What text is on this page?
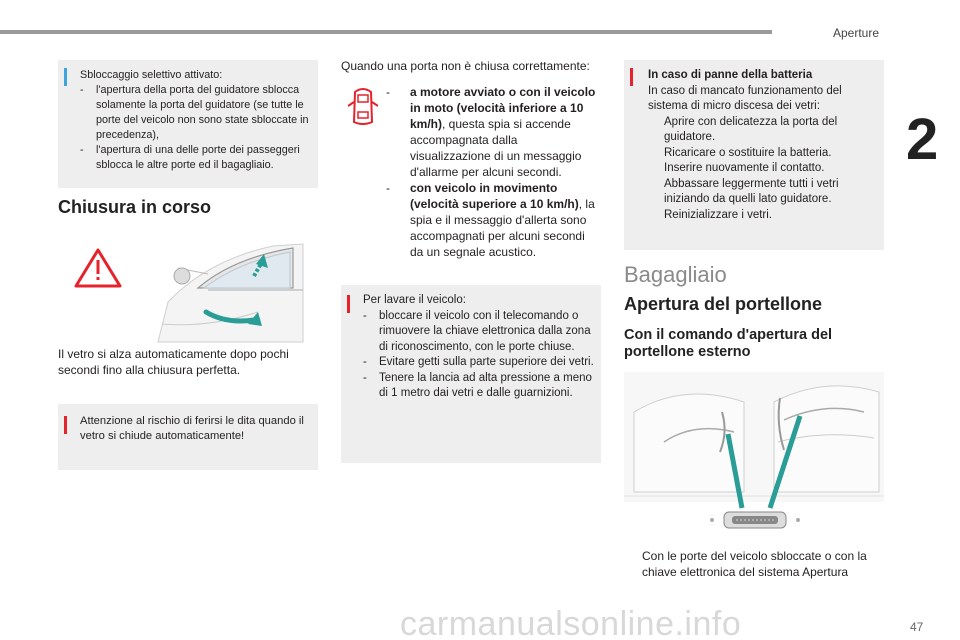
Aperture
2
carmanualsonline.info	47
Sbloccaggio selettivo attivato:
- l'apertura della porta del guidatore sblocca solamente la porta del guidatore (se tutte le porte del veicolo non sono state sbloccate in precedenza),
- l'apertura di una delle porte dei passeggeri sblocca le altre porte ed il bagagliaio.
Chiusura in corso
Il vetro si alza automaticamente dopo pochi secondi fino alla chiusura perfetta.
Attenzione al rischio di ferirsi le dita quando il vetro si chiude automaticamente!
Quando una porta non è chiusa correttamente:
- a motore avviato o con il veicolo in moto (velocità inferiore a 10 km/h), questa spia si accende accompagnata dalla visualizzazione di un messaggio d'allarme per alcuni secondi.
- con veicolo in movimento (velocità superiore a 10 km/h), la spia e il messaggio d'allerta sono accompagnati per alcuni secondi da un segnale acustico.
Per lavare il veicolo:
- bloccare il veicolo con il telecomando o rimuovere la chiave elettronica dalla zona di riconoscimento, con le porte chiuse.
- Evitare getti sulla parte superiore dei vetri.
- Tenere la lancia ad alta pressione a meno di 1 metro dai vetri e dalle guarnizioni.
In caso di panne della batteria
In caso di mancato funzionamento del sistema di micro discesa dei vetri:
Aprire con delicatezza la porta del guidatore.
Ricaricare o sostituire la batteria.
Inserire nuovamente il contatto.
Abbassare leggermente tutti i vetri iniziando da quelli lato guidatore.
Reinizializzare i vetri.
Bagagliaio
Apertura del portellone
Con il comando d'apertura del portellone esterno
Con le porte del veicolo sbloccate o con la chiave elettronica del sistema Apertura
